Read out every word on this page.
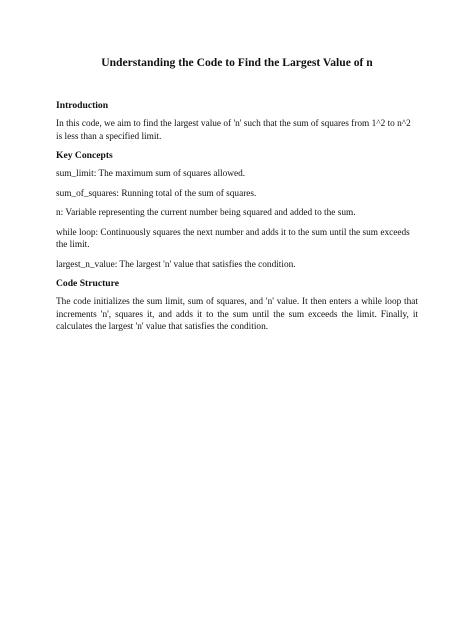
Understanding the Code to Find the Largest Value of n
Introduction

In this code, we aim to find the largest value of 'n' such that the sum of squares from 1^2 to n^2 is less than a specified limit.

Key Concepts

sum_limit: The maximum sum of squares allowed.

sum_of_squares: Running total of the sum of squares.

n: Variable representing the current number being squared and added to the sum.

while loop: Continuously squares the next number and adds it to the sum until the sum exceeds the limit.

largest_n_value: The largest 'n' value that satisfies the condition.

Code Structure

The code initializes the sum limit, sum of squares, and 'n' value. It then enters a while loop that increments 'n', squares it, and adds it to the sum until the sum exceeds the limit. Finally, it calculates the largest 'n' value that satisfies the condition.
